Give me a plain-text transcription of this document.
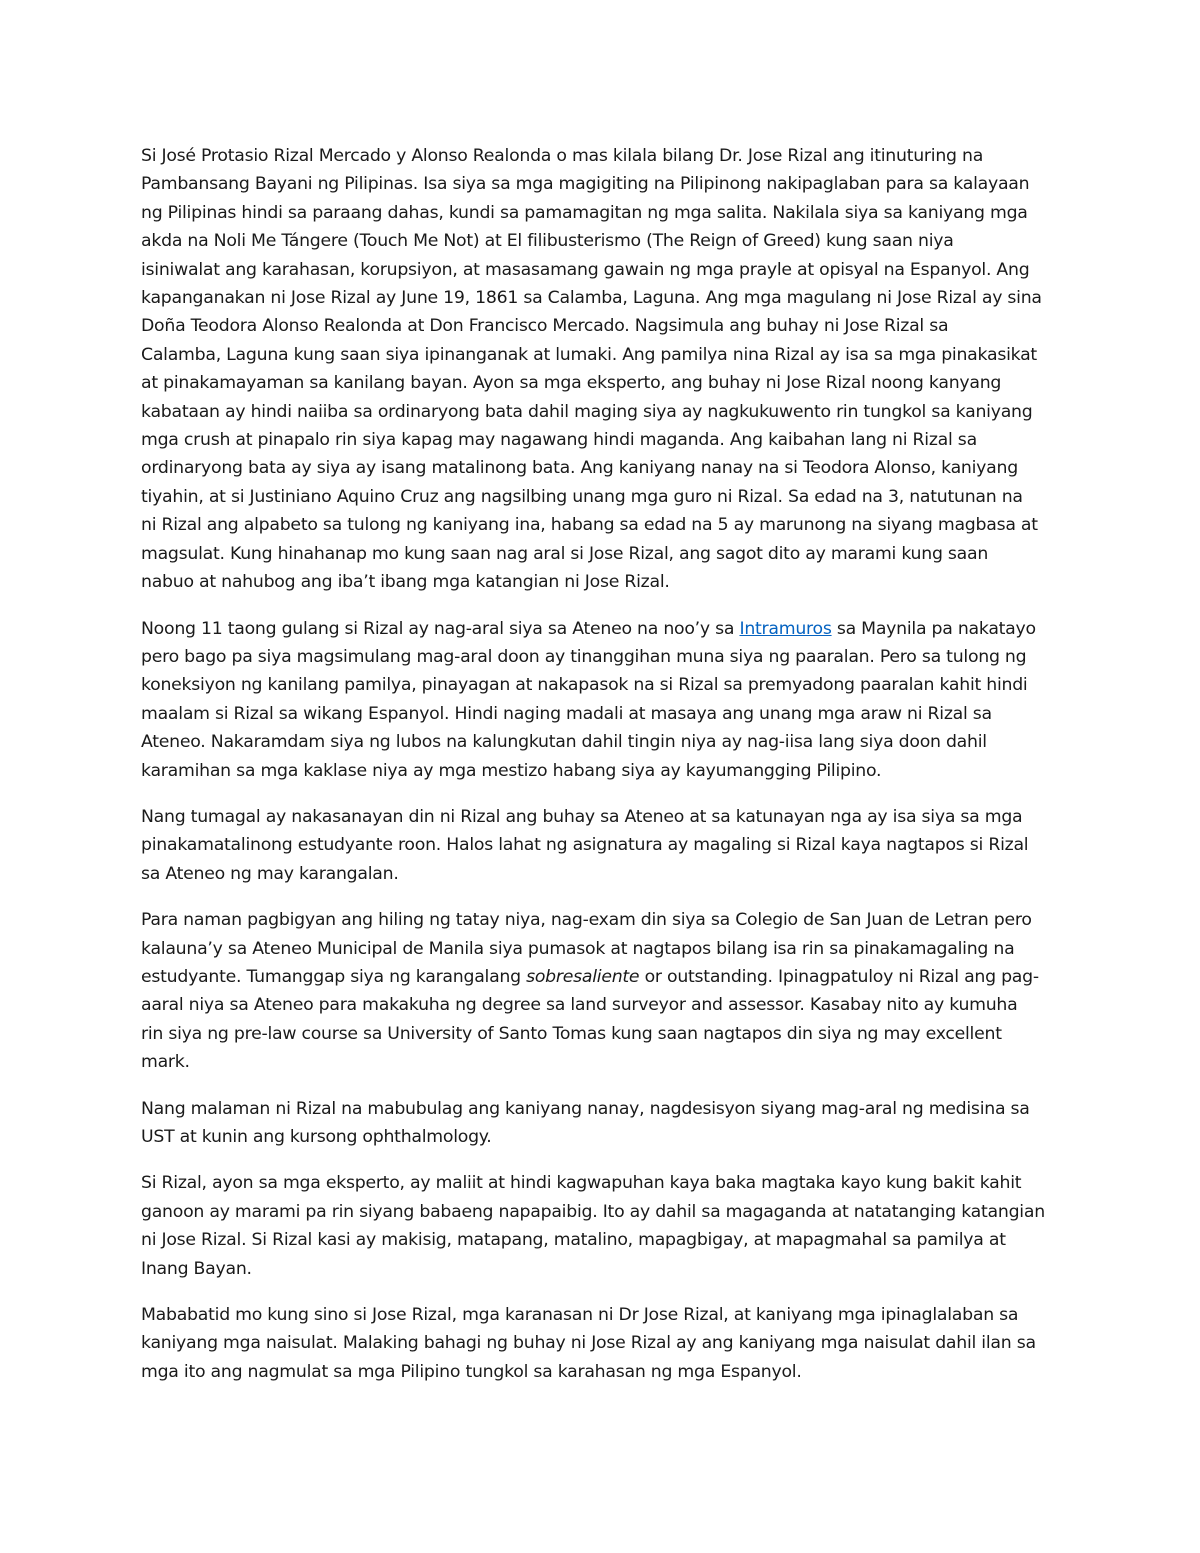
Si José Protasio Rizal Mercado y Alonso Realonda o mas kilala bilang Dr. Jose Rizal ang itinuturing na
Pambansang Bayani ng Pilipinas. Isa siya sa mga magigiting na Pilipinong nakipaglaban para sa kalayaan
ng Pilipinas hindi sa paraang dahas, kundi sa pamamagitan ng mga salita. Nakilala siya sa kaniyang mga
akda na Noli Me Tángere (Touch Me Not) at El filibusterismo (The Reign of Greed) kung saan niya
isiniwalat ang karahasan, korupsiyon, at masasamang gawain ng mga prayle at opisyal na Espanyol. Ang
kapanganakan ni Jose Rizal ay June 19, 1861 sa Calamba, Laguna. Ang mga magulang ni Jose Rizal ay sina
Doña Teodora Alonso Realonda at Don Francisco Mercado. Nagsimula ang buhay ni Jose Rizal sa
Calamba, Laguna kung saan siya ipinanganak at lumaki. Ang pamilya nina Rizal ay isa sa mga pinakasikat
at pinakamayaman sa kanilang bayan. Ayon sa mga eksperto, ang buhay ni Jose Rizal noong kanyang
kabataan ay hindi naiiba sa ordinaryong bata dahil maging siya ay nagkukuwento rin tungkol sa kaniyang
mga crush at pinapalo rin siya kapag may nagawang hindi maganda. Ang kaibahan lang ni Rizal sa
ordinaryong bata ay siya ay isang matalinong bata. Ang kaniyang nanay na si Teodora Alonso, kaniyang
tiyahin, at si Justiniano Aquino Cruz ang nagsilbing unang mga guro ni Rizal. Sa edad na 3, natutunan na
ni Rizal ang alpabeto sa tulong ng kaniyang ina, habang sa edad na 5 ay marunong na siyang magbasa at
magsulat. Kung hinahanap mo kung saan nag aral si Jose Rizal, ang sagot dito ay marami kung saan
nabuo at nahubog ang iba’t ibang mga katangian ni Jose Rizal.

Noong 11 taong gulang si Rizal ay nag-aral siya sa Ateneo na noo’y sa Intramuros sa Maynila pa nakatayo
pero bago pa siya magsimulang mag-aral doon ay tinanggihan muna siya ng paaralan. Pero sa tulong ng
koneksiyon ng kanilang pamilya, pinayagan at nakapasok na si Rizal sa premyadong paaralan kahit hindi
maalam si Rizal sa wikang Espanyol. Hindi naging madali at masaya ang unang mga araw ni Rizal sa
Ateneo. Nakaramdam siya ng lubos na kalungkutan dahil tingin niya ay nag-iisa lang siya doon dahil
karamihan sa mga kaklase niya ay mga mestizo habang siya ay kayumangging Pilipino.

Nang tumagal ay nakasanayan din ni Rizal ang buhay sa Ateneo at sa katunayan nga ay isa siya sa mga
pinakamatalinong estudyante roon. Halos lahat ng asignatura ay magaling si Rizal kaya nagtapos si Rizal
sa Ateneo ng may karangalan.

Para naman pagbigyan ang hiling ng tatay niya, nag-exam din siya sa Colegio de San Juan de Letran pero
kalauna’y sa Ateneo Municipal de Manila siya pumasok at nagtapos bilang isa rin sa pinakamagaling na
estudyante. Tumanggap siya ng karangalang sobresaliente or outstanding. Ipinagpatuloy ni Rizal ang pag-
aaral niya sa Ateneo para makakuha ng degree sa land surveyor and assessor. Kasabay nito ay kumuha
rin siya ng pre-law course sa University of Santo Tomas kung saan nagtapos din siya ng may excellent
mark.

Nang malaman ni Rizal na mabubulag ang kaniyang nanay, nagdesisyon siyang mag-aral ng medisina sa
UST at kunin ang kursong ophthalmology.

Si Rizal, ayon sa mga eksperto, ay maliit at hindi kagwapuhan kaya baka magtaka kayo kung bakit kahit
ganoon ay marami pa rin siyang babaeng napapaibig. Ito ay dahil sa magaganda at natatanging katangian
ni Jose Rizal. Si Rizal kasi ay makisig, matapang, matalino, mapagbigay, at mapagmahal sa pamilya at
Inang Bayan.

Mababatid mo kung sino si Jose Rizal, mga karanasan ni Dr Jose Rizal, at kaniyang mga ipinaglalaban sa
kaniyang mga naisulat. Malaking bahagi ng buhay ni Jose Rizal ay ang kaniyang mga naisulat dahil ilan sa
mga ito ang nagmulat sa mga Pilipino tungkol sa karahasan ng mga Espanyol.
